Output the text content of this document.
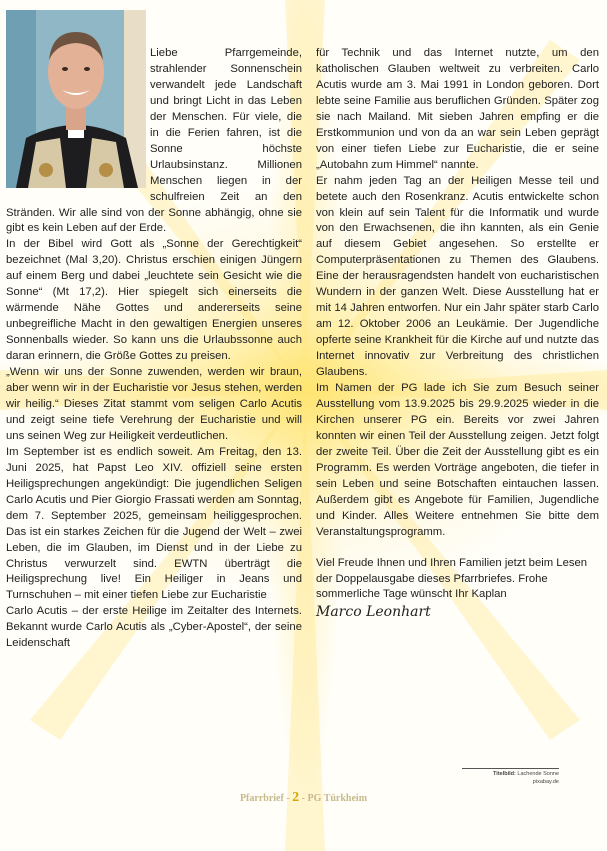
Liebe Pfarrgemeinde, strahlender Sonnenschein verwandelt jede Landschaft und bringt Licht in das Leben der Menschen. Für viele, die in die Ferien fahren, ist die Sonne höchste Urlaubsinstanz. Millionen Menschen liegen in der schulfreien Zeit an den Stränden. Wir alle sind von der Sonne abhängig, ohne sie gibt es kein Leben auf der Erde.

In der Bibel wird Gott als „Sonne der Gerechtigkeit“ bezeichnet (Mal 3,20). Christus erschien einigen Jüngern auf einem Berg und dabei „leuchtete sein Gesicht wie die Sonne“ (Mt 17,2). Hier spiegelt sich einerseits die wärmende Nähe Gottes und andererseits seine unbegreifliche Macht in den gewaltigen Energien unseres Sonnenballs wieder. So kann uns die Urlaubssonne auch daran erinnern, die Größe Gottes zu preisen.

„Wenn wir uns der Sonne zuwenden, werden wir braun, aber wenn wir in der Eucharistie vor Jesus stehen, werden wir heilig.“ Dieses Zitat stammt vom seligen Carlo Acutis und zeigt seine tiefe Verehrung der Eucharistie und will uns seinen Weg zur Heiligkeit verdeutlichen.

Im September ist es endlich soweit. Am Freitag, den 13. Juni 2025, hat Papst Leo XIV. offiziell seine ersten Heiligsprechungen angekündigt: Die jugendlichen Seligen Carlo Acutis und Pier Giorgio Frassati werden am Sonntag, dem 7. September 2025, gemeinsam heiliggesprochen. Das ist ein starkes Zeichen für die Jugend der Welt – zwei Leben, die im Glauben, im Dienst und in der Liebe zu Christus verwurzelt sind. EWTN überträgt die Heiligsprechung live! Ein Heiliger in Jeans und Turnschuhen – mit einer tiefen Liebe zur Eucharistie

Carlo Acutis – der erste Heilige im Zeitalter des Internets. Bekannt wurde Carlo Acutis als „Cyber-Apostel“, der seine Leidenschaft

für Technik und das Internet nutzte, um den katholischen Glauben weltweit zu verbreiten. Carlo Acutis wurde am 3. Mai 1991 in London geboren. Dort lebte seine Familie aus beruflichen Gründen. Später zog sie nach Mailand. Mit sieben Jahren empfing er die Erstkommunion und von da an war sein Leben geprägt von einer tiefen Liebe zur Eucharistie, die er seine „Autobahn zum Himmel“ nannte.

Er nahm jeden Tag an der Heiligen Messe teil und betete auch den Rosenkranz. Acutis entwickelte schon von klein auf sein Talent für die Informatik und wurde von den Erwachsenen, die ihn kannten, als ein Genie auf diesem Gebiet angesehen. So erstellte er Computerpräsentationen zu Themen des Glaubens. Eine der herausragendsten handelt von eucharistischen Wundern in der ganzen Welt. Diese Ausstellung hat er mit 14 Jahren entworfen. Nur ein Jahr später starb Carlo am 12. Oktober 2006 an Leukämie. Der Jugendliche opferte seine Krankheit für die Kirche auf und nutzte das Internet innovativ zur Verbreitung des christlichen Glaubens.

Im Namen der PG lade ich Sie zum Besuch seiner Ausstellung vom 13.9.2025 bis 29.9.2025 wieder in die Kirchen unserer PG ein. Bereits vor zwei Jahren konnten wir einen Teil der Ausstellung zeigen. Jetzt folgt der zweite Teil. Über die Zeit der Ausstellung gibt es ein Programm. Es werden Vorträge angeboten, die tiefer in sein Leben und seine Botschaften eintauchen lassen. Außerdem gibt es Angebote für Familien, Jugendliche und Kinder. Alles Weitere entnehmen Sie bitte dem Veranstaltungsprogramm.

Viel Freude Ihnen und Ihren Familien jetzt beim Lesen der Doppelausgabe dieses Pfarrbriefes. Frohe sommerliche Tage wünscht Ihr Kaplan

Marco Leonhart
Titelbild: Lachende Sonne
pixabay.de
Pfarrbrief - 2 - PG Türkheim
